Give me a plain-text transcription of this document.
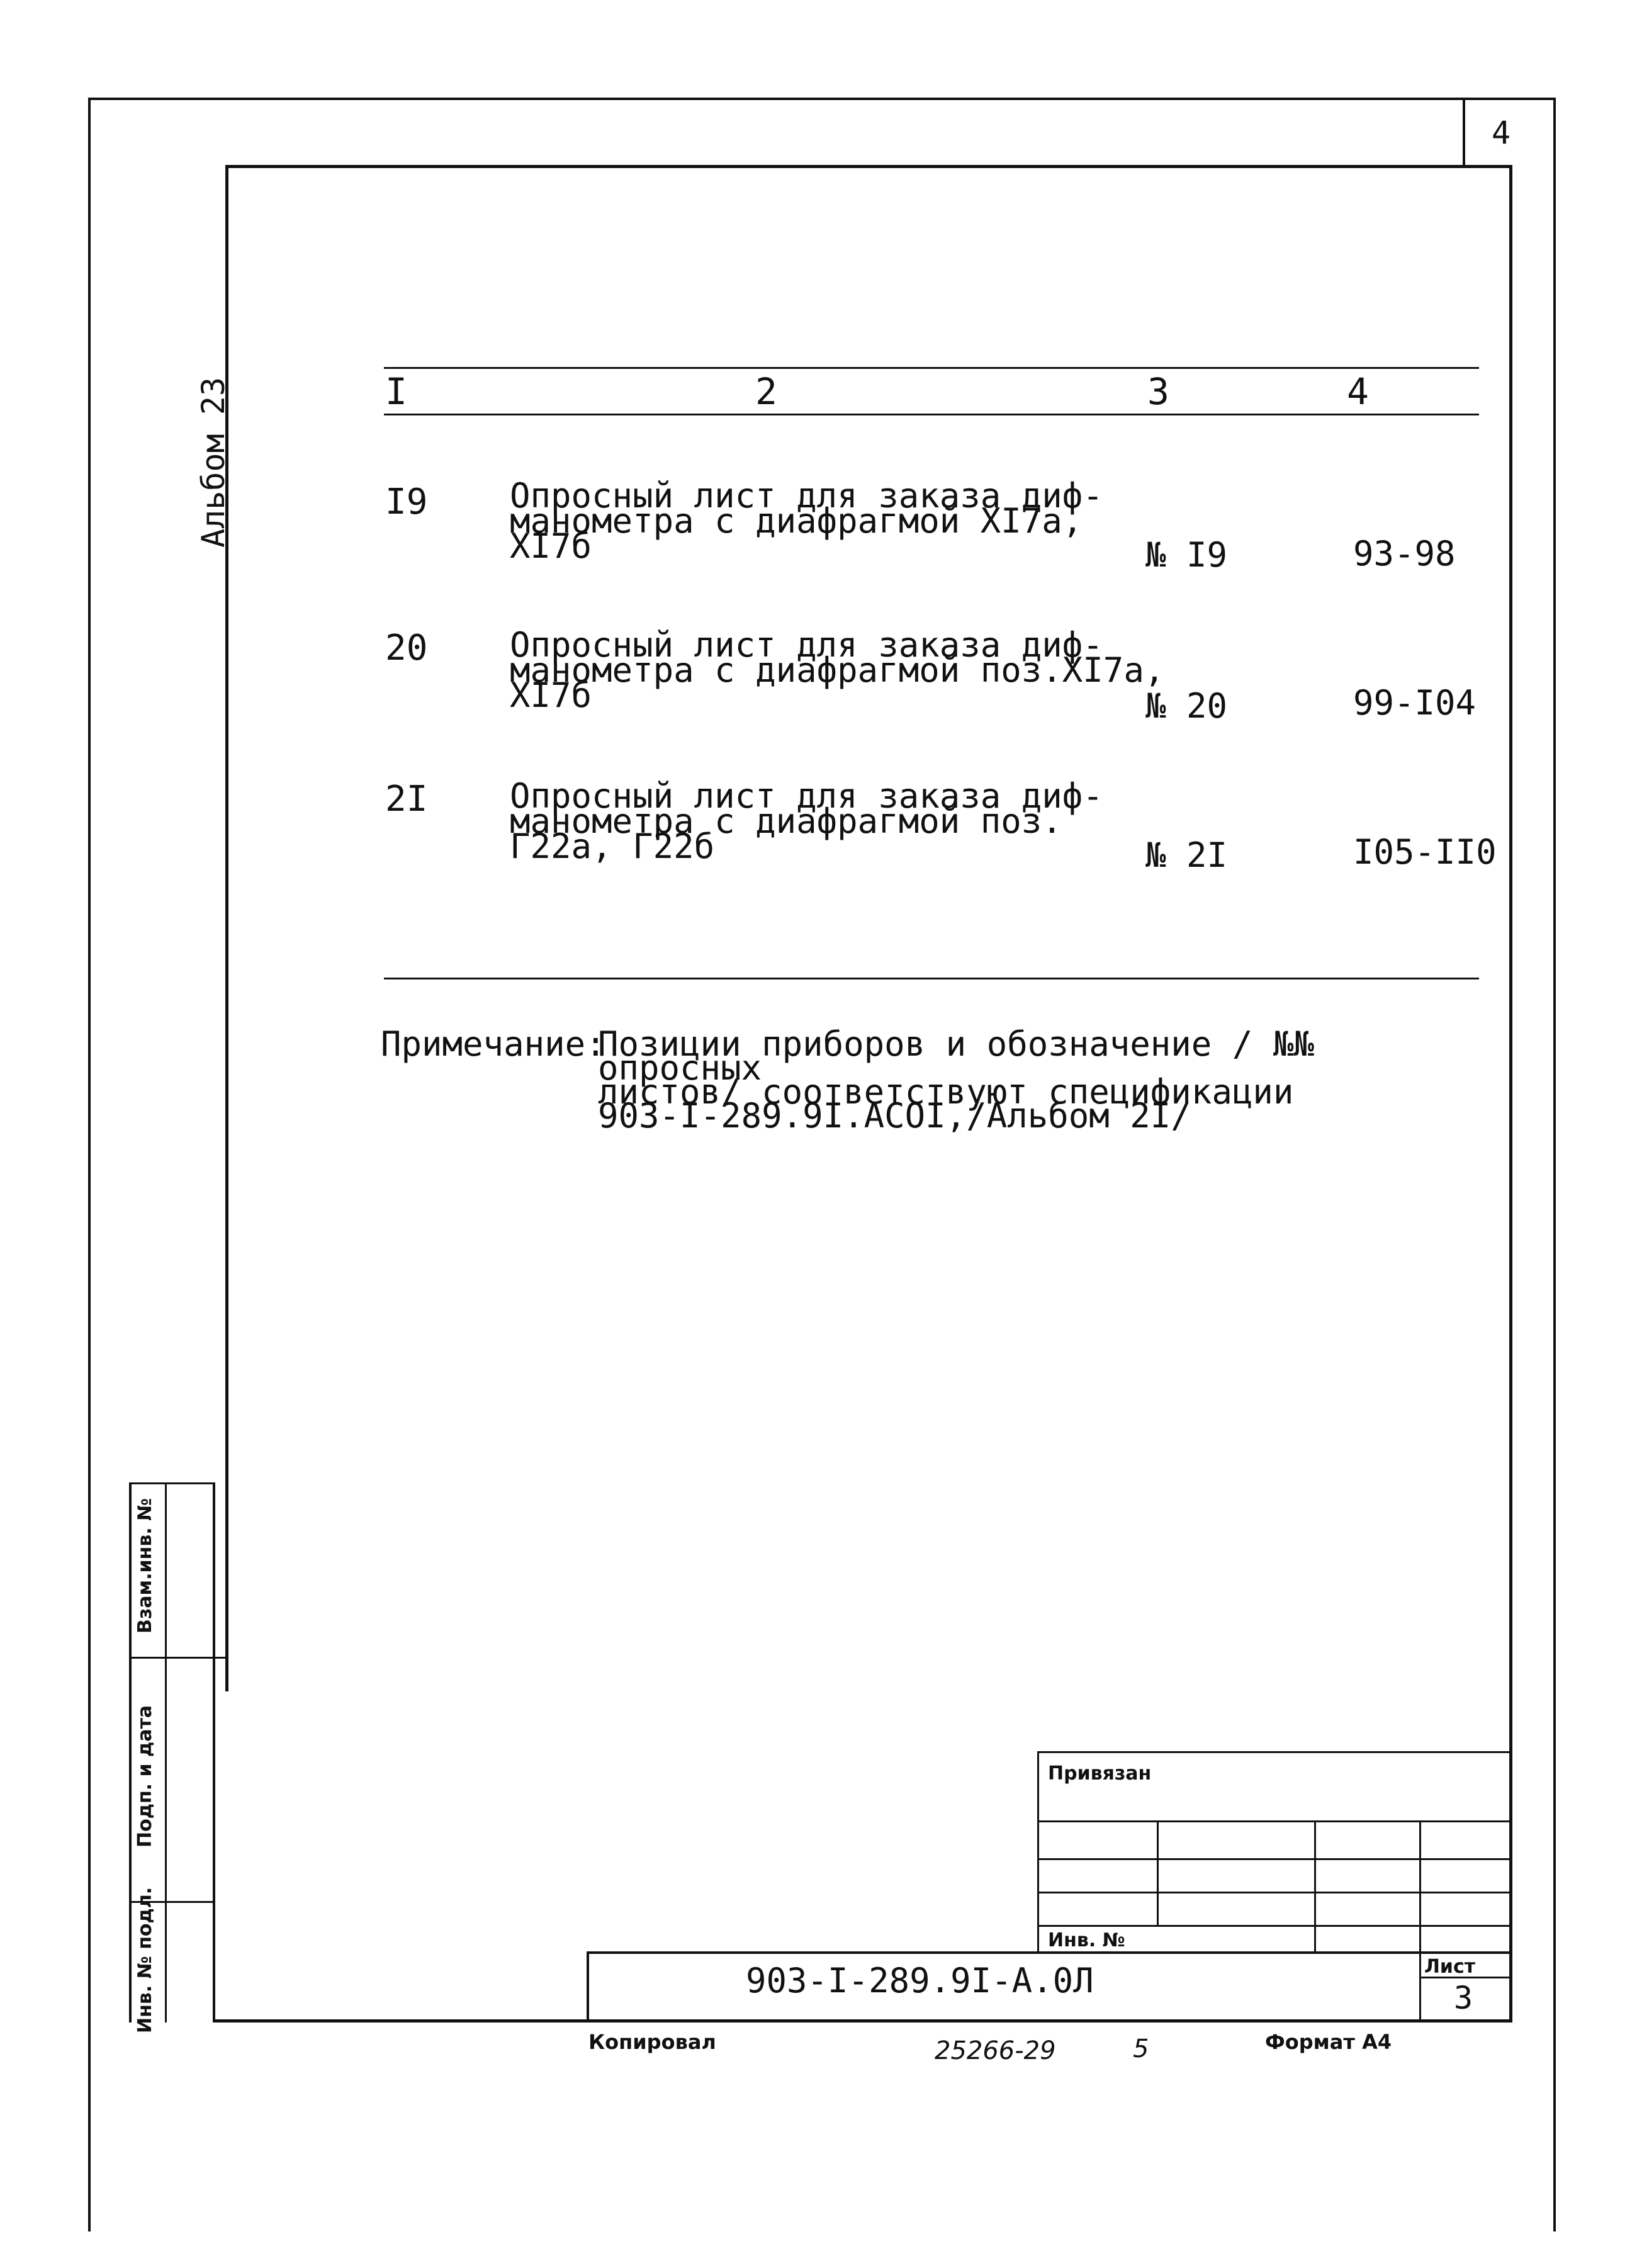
4
Альбом 23	I	2	3	4
I9 Опросный лист для заказа диф-
манометра с диафрагмой XI7а,
XI7б	№ I9	93-98
20 Опросный лист для заказа диф-
манометра с диафрагмой поз.XI7а,
XI7б	№ 20	99-I04
2I Опросный лист для заказа диф-
манометра с диафрагмой поз.
Г22а, Г22б	№ 2I	I05-II0
Примечание:
Позиции приборов и обозначение / №№ опросных
листов/ соответствуют спецификации
903-I-289.9I.АСОI,/Альбом 2I/
Взам.инв. №
Подп. и дата
Инв. № подл.
Привязан
Инв. №
903-I-289.9I-А.0Л	Лист
3
Копировал	25266-29	5	Формат А4
